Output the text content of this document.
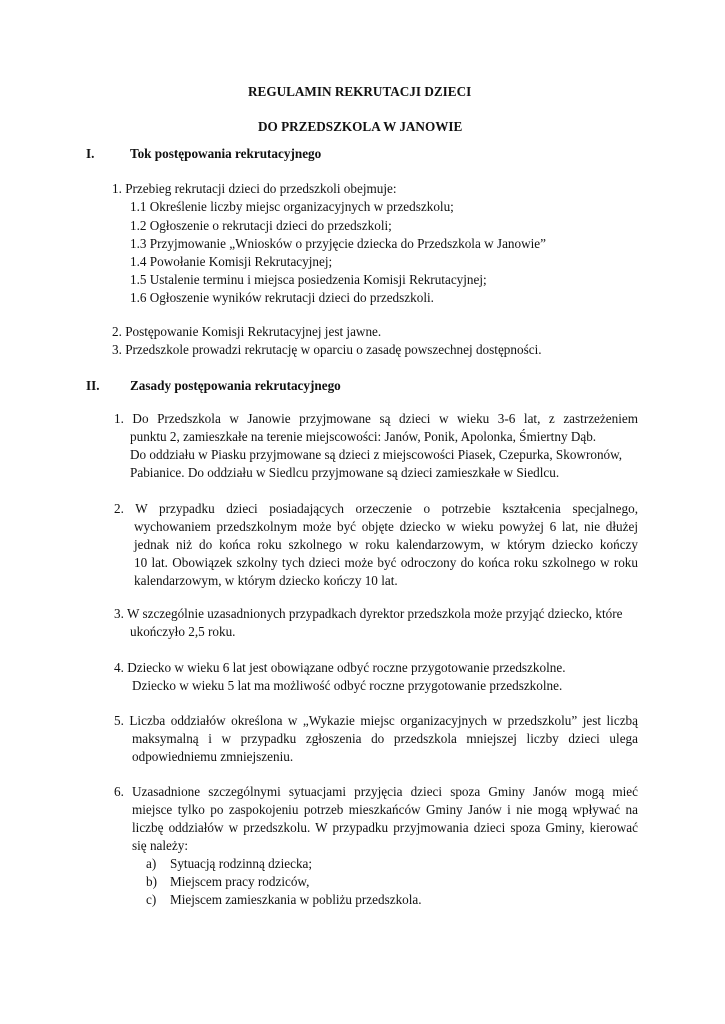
REGULAMIN REKRUTACJI DZIECI
DO PRZEDSZKOLA W JANOWIE
I.	Tok postępowania rekrutacyjnego
1. Przebieg rekrutacji dzieci do przedszkoli obejmuje:
1.1 Określenie liczby miejsc organizacyjnych w przedszkolu;
1.2 Ogłoszenie o rekrutacji dzieci do przedszkoli;
1.3 Przyjmowanie „Wniosków o przyjęcie dziecka do Przedszkola w Janowie”
1.4 Powołanie Komisji Rekrutacyjnej;
1.5 Ustalenie terminu i miejsca posiedzenia Komisji Rekrutacyjnej;
1.6 Ogłoszenie wyników rekrutacji dzieci do przedszkoli.
2. Postępowanie Komisji Rekrutacyjnej jest jawne.
3. Przedszkole prowadzi rekrutację w oparciu o zasadę powszechnej dostępności.
II. Zasady postępowania rekrutacyjnego
1. Do Przedszkola w Janowie przyjmowane są dzieci w wieku 3-6 lat, z zastrzeżeniem
punktu 2, zamieszkałe na terenie miejscowości: Janów, Ponik, Apolonka, Śmiertny Dąb.
Do oddziału w Piasku przyjmowane są dzieci z miejscowości Piasek, Czepurka, Skowronów,
Pabianice. Do oddziału w Siedlcu przyjmowane są dzieci zamieszkałe w Siedlcu.
2. W przypadku dzieci posiadających orzeczenie o potrzebie kształcenia specjalnego,
wychowaniem przedszkolnym może być objęte dziecko w wieku powyżej 6 lat, nie dłużej
jednak niż do końca roku szkolnego w roku kalendarzowym, w którym dziecko kończy
10 lat. Obowiązek szkolny tych dzieci może być odroczony do końca roku szkolnego w roku
kalendarzowym, w którym dziecko kończy 10 lat.
3. W szczególnie uzasadnionych przypadkach dyrektor przedszkola może przyjąć dziecko, które
ukończyło 2,5 roku.
4. Dziecko w wieku 6 lat jest obowiązane odbyć roczne przygotowanie przedszkolne.
Dziecko w wieku 5 lat ma możliwość odbyć roczne przygotowanie przedszkolne.
5. Liczba oddziałów określona w „Wykazie miejsc organizacyjnych w przedszkolu” jest liczbą
maksymalną i w przypadku zgłoszenia do przedszkola mniejszej liczby dzieci ulega
odpowiedniemu zmniejszeniu.
6. Uzasadnione szczególnymi sytuacjami przyjęcia dzieci spoza Gminy Janów mogą mieć
miejsce tylko po zaspokojeniu potrzeb mieszkańców Gminy Janów i nie mogą wpływać na
liczbę oddziałów w przedszkolu. W przypadku przyjmowania dzieci spoza Gminy, kierować
się należy:
a) Sytuacją rodzinną dziecka;
b) Miejscem pracy rodziców,
c) Miejscem zamieszkania w pobliżu przedszkola.
